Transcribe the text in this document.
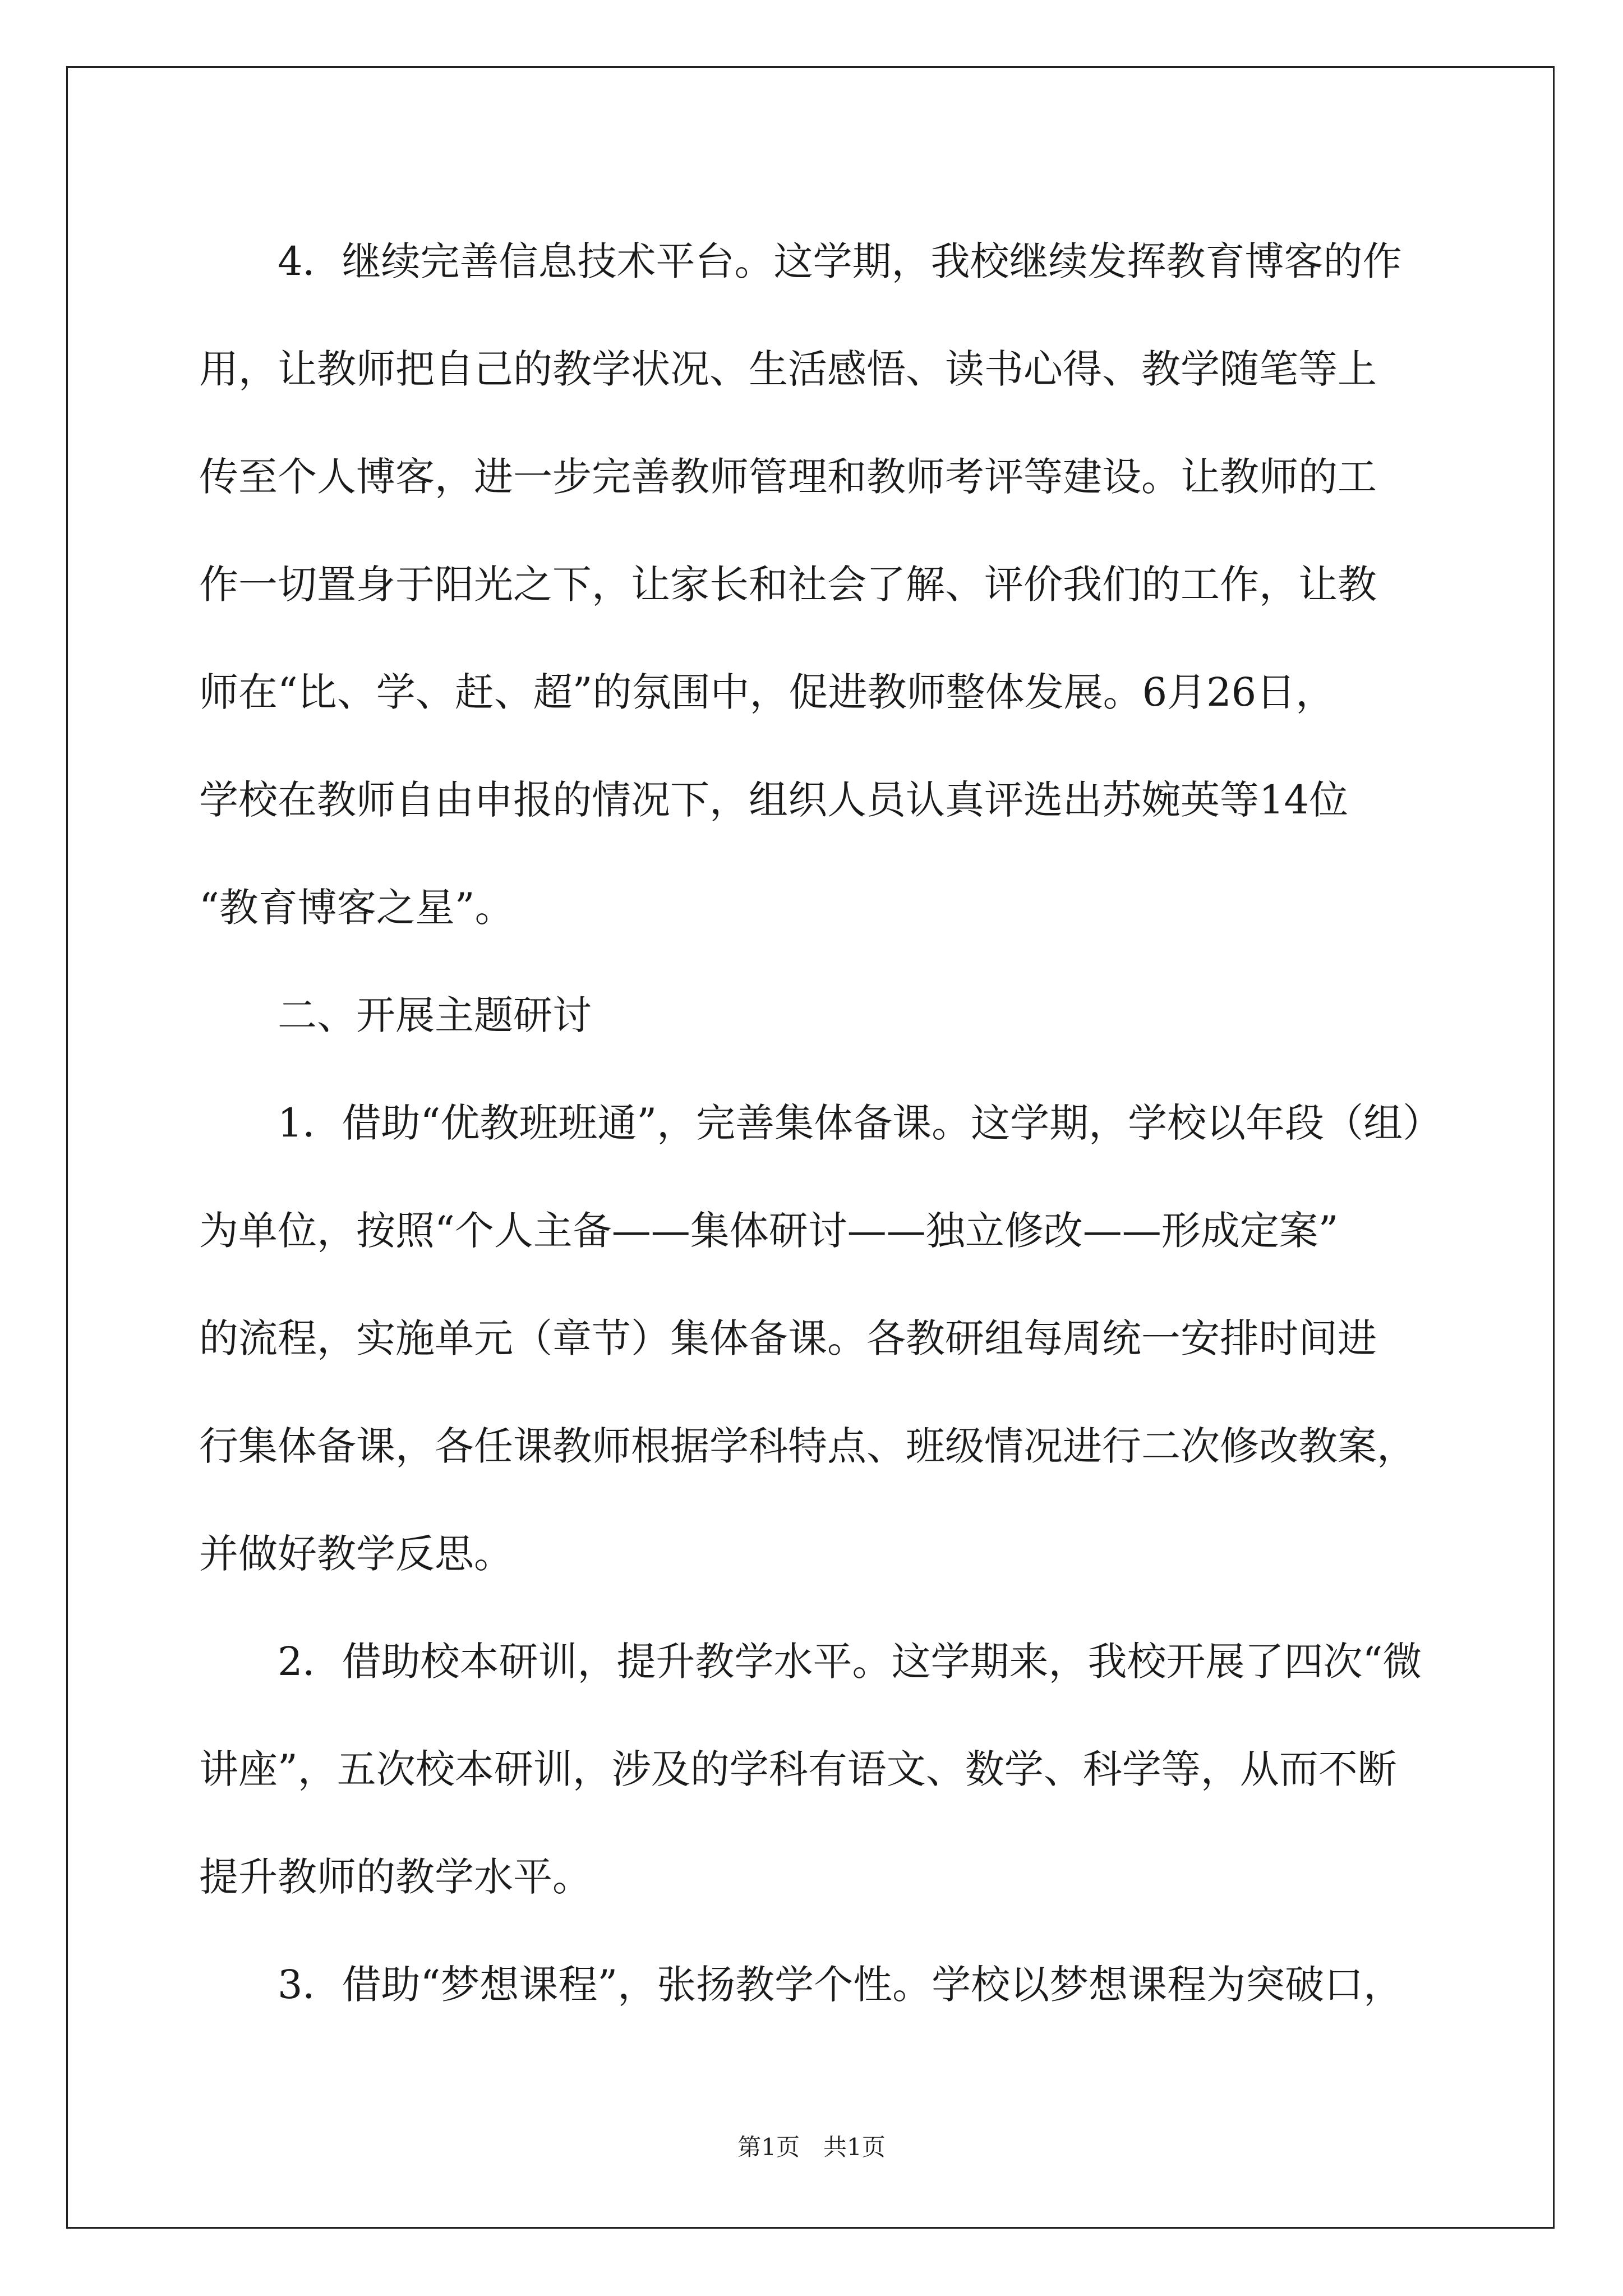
　　4．继续完善信息技术平台。这学期，我校继续发挥教育博客的作
用，让教师把自己的教学状况、生活感悟、读书心得、教学随笔等上
传至个人博客，进一步完善教师管理和教师考评等建设。让教师的工
作一切置身于阳光之下，让家长和社会了解、评价我们的工作，让教
师在“比、学、赶、超”的氛围中，促进教师整体发展。6月26日，
学校在教师自由申报的情况下，组织人员认真评选出苏婉英等14位
“教育博客之星”。
　　二、开展主题研讨
　　1．借助“优教班班通”，完善集体备课。这学期，学校以年段（组）
为单位，按照“个人主备——集体研讨——独立修改——形成定案”
的流程，实施单元（章节）集体备课。各教研组每周统一安排时间进
行集体备课，各任课教师根据学科特点、班级情况进行二次修改教案，
并做好教学反思。
　　2．借助校本研训，提升教学水平。这学期来，我校开展了四次“微
讲座”，五次校本研训，涉及的学科有语文、数学、科学等，从而不断
提升教师的教学水平。
　　3．借助“梦想课程”，张扬教学个性。学校以梦想课程为突破口，
第1页　共1页
